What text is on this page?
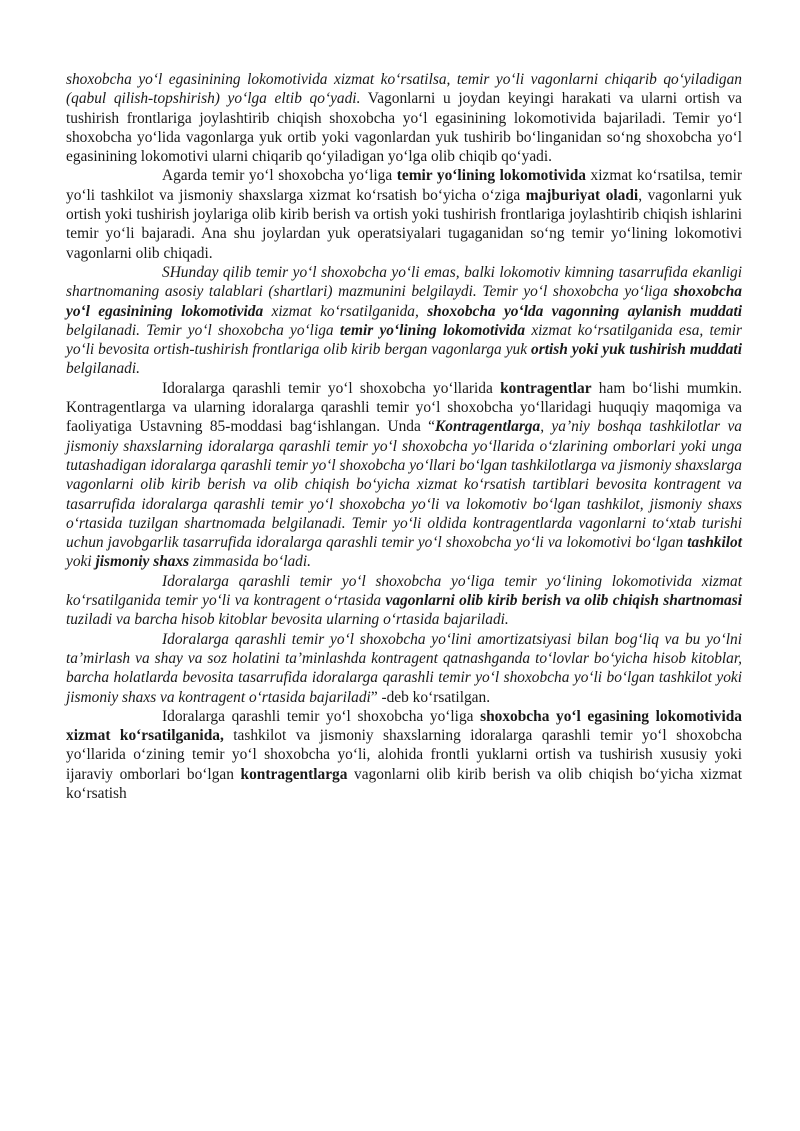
shoxobcha yo‘l egasinining lokomotivida xizmat ko‘rsatilsa, temir yo‘li vagonlarni chiqarib qo‘yiladigan (qabul qilish-topshirish) yo‘lga eltib qo‘yadi. Vagonlarni u joydan keyingi harakati va ularni ortish va tushirish frontlariga joylashtirib chiqish shoxobcha yo‘l egasinining lokomotivida bajariladi. Temir yo‘l shoxobcha yo‘lida vagonlarga yuk ortib yoki vagonlardan yuk tushirib bo‘linganidan so‘ng shoxobcha yo‘l egasinining lokomotivi ularni chiqarib qo‘yiladigan yo‘lga olib chiqib qo‘yadi.

Agarda temir yo‘l shoxobcha yo‘liga temir yo‘lining lokomotivida xizmat ko‘rsatilsa, temir yo‘li tashkilot va jismoniy shaxslarga xizmat ko‘rsatish bo‘yicha o‘ziga majburiyat oladi, vagonlarni yuk ortish yoki tushirish joylariga olib kirib berish va ortish yoki tushirish frontlariga joylashtirib chiqish ishlarini temir yo‘li bajaradi. Ana shu joylardan yuk operatsiyalari tugaganidan so‘ng temir yo‘lining lokomotivi vagonlarni olib chiqadi.

SHunday qilib temir yo‘l shoxobcha yo‘li emas, balki lokomotiv kimning tasarrufida ekanligi shartnomaning asosiy talablari (shartlari) mazmunini belgilaydi. Temir yo‘l shoxobcha yo‘liga shoxobcha yo‘l egasinining lokomotivida xizmat ko‘rsatilganida, shoxobcha yo‘lda vagonning aylanish muddati belgilanadi. Temir yo‘l shoxobcha yo‘liga temir yo‘lining lokomotivida xizmat ko‘rsatilganida esa, temir yo‘li bevosita ortish-tushirish frontlariga olib kirib bergan vagonlarga yuk ortish yoki yuk tushirish muddati belgilanadi.

Idoralarga qarashli temir yo‘l shoxobcha yo‘llarida kontragentlar ham bo‘lishi mumkin. Kontragentlarga va ularning idoralarga qarashli temir yo‘l shoxobcha yo‘llaridagi huquqiy maqomiga va faoliyatiga Ustavning 85-moddasi bag‘ishlangan. Unda “Kontragentlarga, ya’niy boshqa tashkilotlar va jismoniy shaxslarning idoralarga qarashli temir yo‘l shoxobcha yo‘llarida o‘zlarining omborlari yoki unga tutashadigan idoralarga qarashli temir yo‘l shoxobcha yo‘llari bo‘lgan tashkilotlarga va jismoniy shaxslarga vagonlarni olib kirib berish va olib chiqish bo‘yicha xizmat ko‘rsatish tartiblari bevosita kontragent va tasarrufida idoralarga qarashli temir yo‘l shoxobcha yo‘li va lokomotiv bo‘lgan tashkilot, jismoniy shaxs o‘rtasida tuzilgan shartnomada belgilanadi. Temir yo‘li oldida kontragentlarda vagonlarni to‘xtab turishi uchun javobgarlik tasarrufida idoralarga qarashli temir yo‘l shoxobcha yo‘li va lokomotivi bo‘lgan tashkilot yoki jismoniy shaxs zimmasida bo‘ladi.

Idoralarga qarashli temir yo‘l shoxobcha yo‘liga temir yo‘lining lokomotivida xizmat ko‘rsatilganida temir yo‘li va kontragent o‘rtasida vagonlarni olib kirib berish va olib chiqish shartnomasi tuziladi va barcha hisob kitoblar bevosita ularning o‘rtasida bajariladi.

Idoralarga qarashli temir yo‘l shoxobcha yo‘lini amortizatsiyasi bilan bog‘liq va bu yo‘lni ta’mirlash va shay va soz holatini ta’minlashda kontragent qatnashganda to‘lovlar bo‘yicha hisob kitoblar, barcha holatlarda bevosita tasarrufida idoralarga qarashli temir yo‘l shoxobcha yo‘li bo‘lgan tashkilot yoki jismoniy shaxs va kontragent o‘rtasida bajariladi” -deb ko‘rsatilgan.

Idoralarga qarashli temir yo‘l shoxobcha yo‘liga shoxobcha yo‘l egasining lokomotivida xizmat ko‘rsatilganida, tashkilot va jismoniy shaxslarning idoralarga qarashli temir yo‘l shoxobcha yo‘llarida o‘zining temir yo‘l shoxobcha yo‘li, alohida frontli yuklarni ortish va tushirish xususiy yoki ijaraviy omborlari bo‘lgan kontragentlarga vagonlarni olib kirib berish va olib chiqish bo‘yicha xizmat ko‘rsatish
